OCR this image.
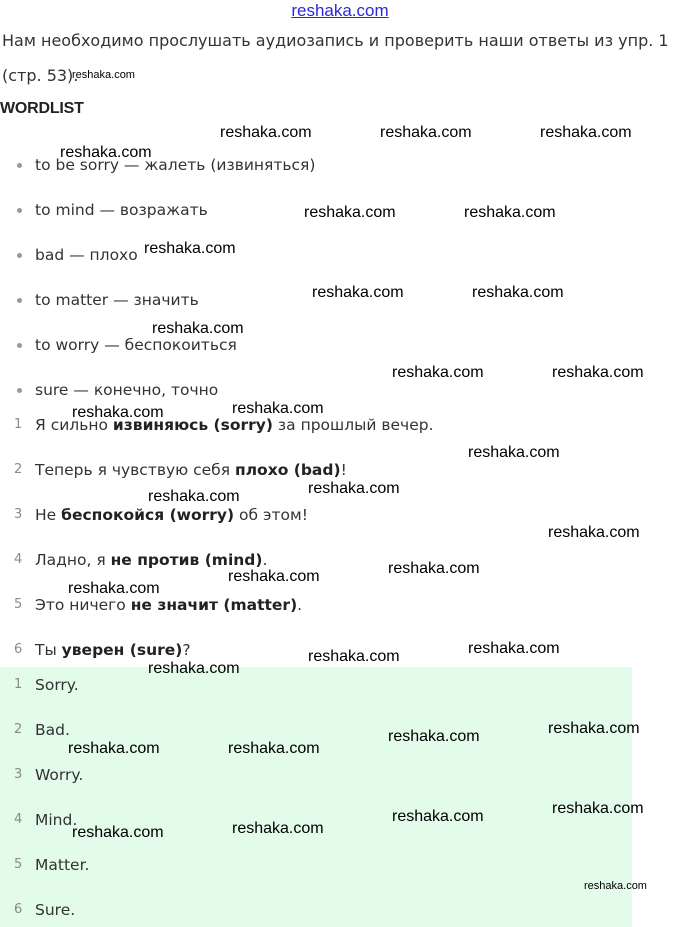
reshaka.com
Нам необходимо прослушать аудиозапись и проверить наши ответы из упр. 1
(стр. 53).
WORDLIST
to be sorry — жалеть (извиняться)
to mind — возражать
bad — плохо
to matter — значить
to worry — беспокоиться
sure — конечно, точно
1 Я сильно извиняюсь (sorry) за прошлый вечер.
2 Теперь я чувствую себя плохо (bad)!
3 Не беспокойся (worry) об этом!
4 Ладно, я не против (mind).
5 Это ничего не значит (matter).
6 Ты уверен (sure)?
1 Sorry.
2 Bad.
3 Worry.
4 Mind.
5 Matter.
6 Sure.
reshaka.com
reshaka.com	reshaka.com	reshaka.com
reshaka.com
reshaka.com	reshaka.com
reshaka.com
reshaka.com	reshaka.com
reshaka.com
reshaka.com	reshaka.com
reshaka.com
reshaka.com
reshaka.com
reshaka.com	reshaka.com
reshaka.com
reshaka.com
reshaka.com
reshaka.com
reshaka.com
reshaka.com
reshaka.com
reshaka.com
reshaka.com	reshaka.com
reshaka.com
reshaka.com
reshaka.com	reshaka.com
reshaka.com
reshaka.com
